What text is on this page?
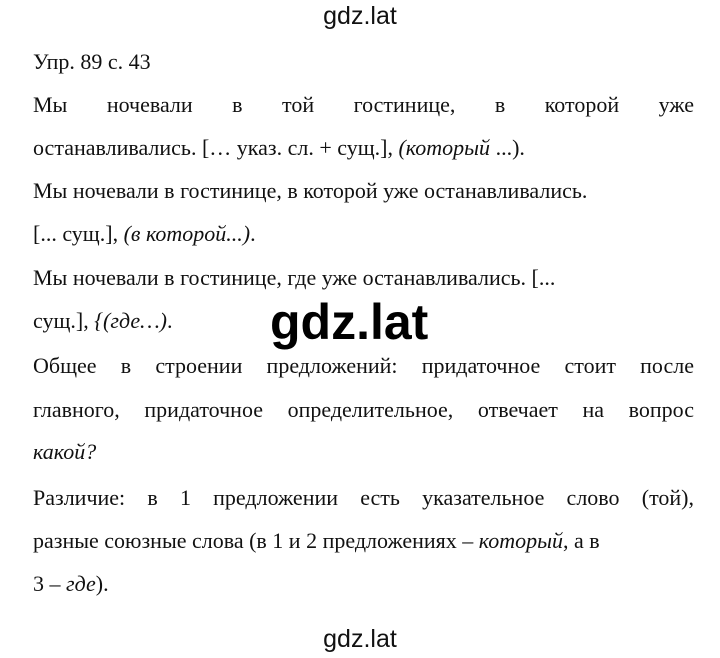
gdz.lat
Упр. 89 с. 43
Мы ночевали в той гостинице, в которой уже
останавливались. [… указ. сл. + сущ.], (который ...).
Мы ночевали в гостинице, в которой уже останавливались.
[... сущ.], (в которой...).
Мы ночевали в гостинице, где уже останавливались. [...
сущ.], {(где…).	gdz.lat
Общее в строении предложений: придаточное стоит после
главного, придаточное определительное, отвечает на вопрос
какой?
Различие: в 1 предложении есть указательное слово (той),
разные союзные слова (в 1 и 2 предложениях – который, а в
3 – где).
gdz.lat
